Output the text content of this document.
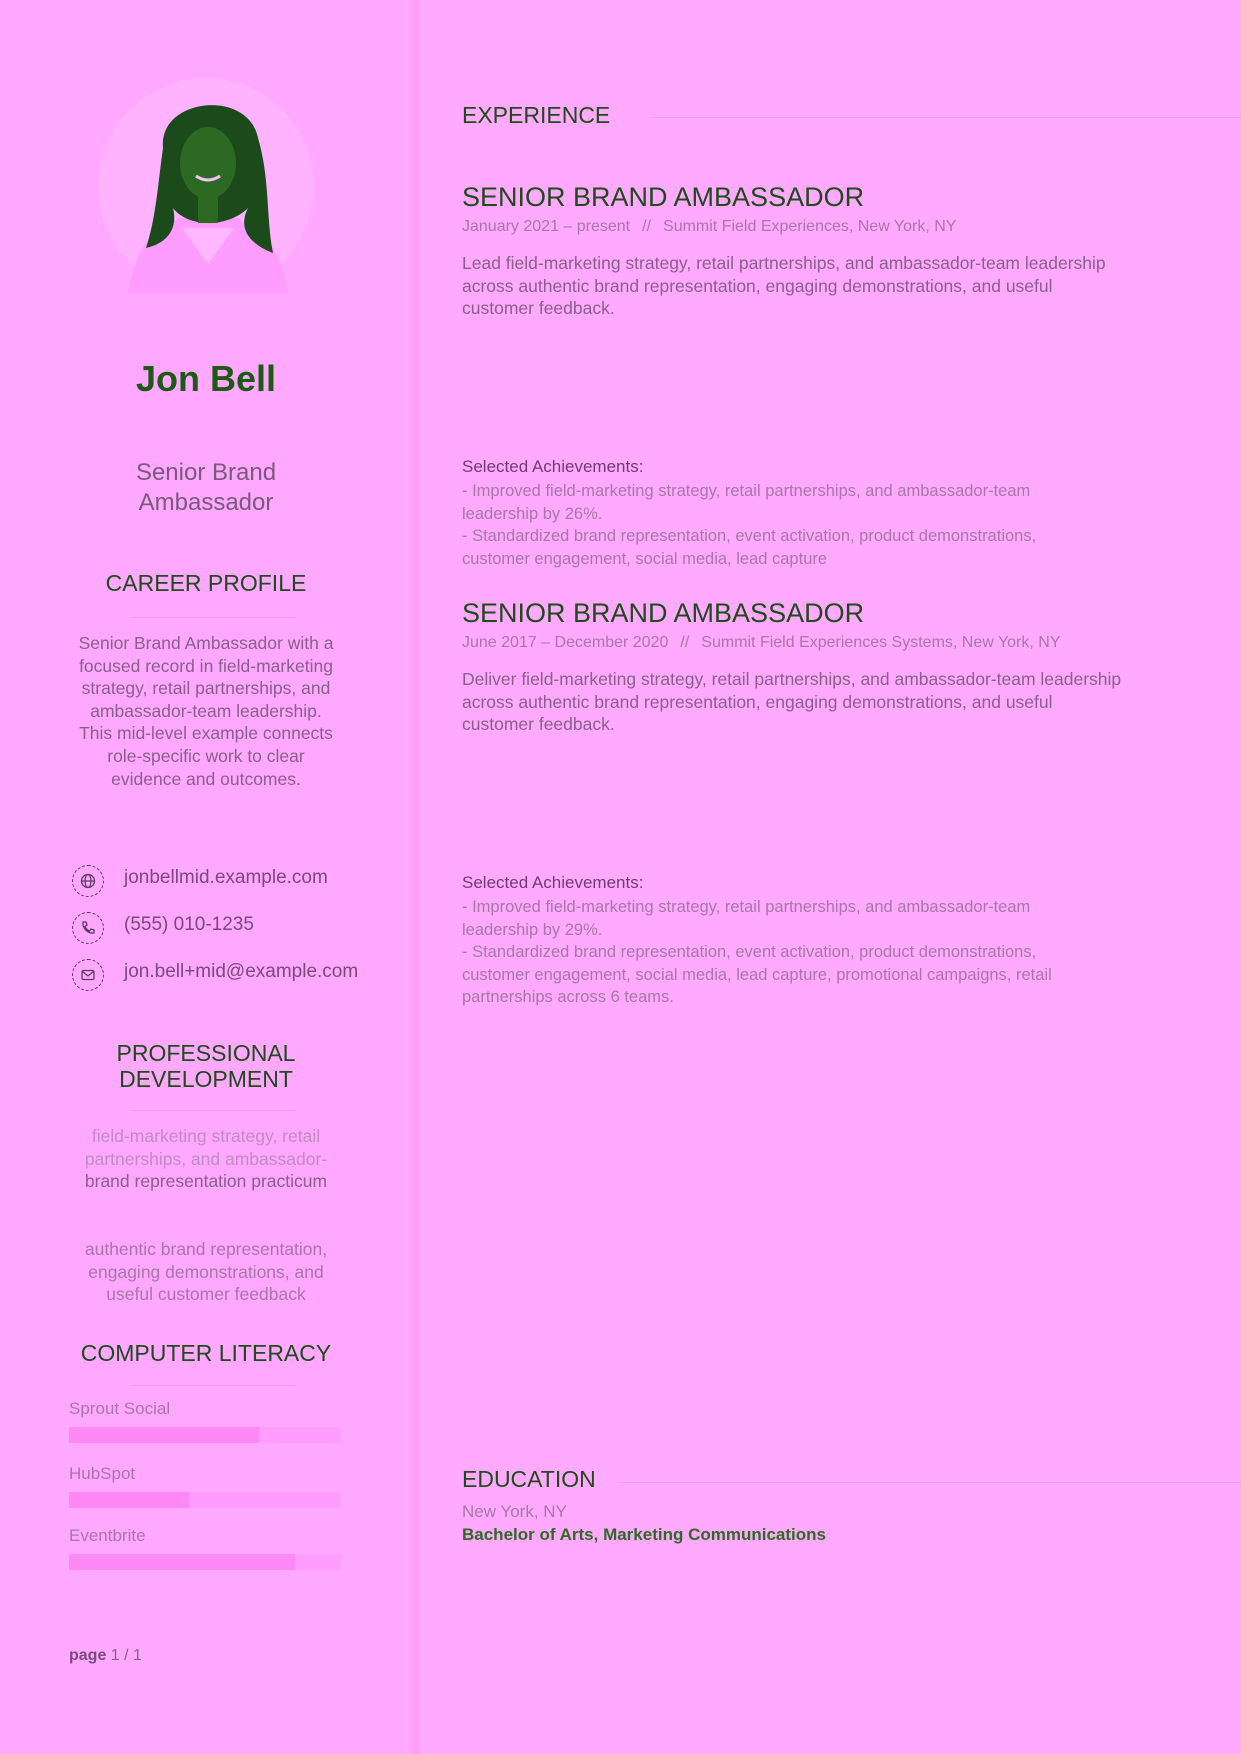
Jon Bell
Senior Brand Ambassador
CAREER PROFILE
Senior Brand Ambassador with a focused record in field-marketing strategy, retail partnerships, and ambassador-team leadership. This mid-level example connects role-specific work to clear evidence and outcomes.
jonbellmid.example.com
(555) 010-1235
jon.bell+mid@example.com
PROFESSIONAL DEVELOPMENT
field-marketing strategy, retail partnerships, and ambassador-
brand representation practicum
authentic brand representation, engaging demonstrations, and useful customer feedback
COMPUTER LITERACY
Sprout Social
HubSpot
Eventbrite
page 1 / 1
EXPERIENCE
SENIOR BRAND AMBASSADOR
January 2021 – present // Summit Field Experiences, New York, NY
Lead field-marketing strategy, retail partnerships, and ambassador-team leadership across authentic brand representation, engaging demonstrations, and useful customer feedback.
Selected Achievements:
- Improved field-marketing strategy, retail partnerships, and ambassador-team leadership by 26%.
- Standardized brand representation, event activation, product demonstrations, customer engagement, social media, lead capture
SENIOR BRAND AMBASSADOR
June 2017 – December 2020 // Summit Field Experiences Systems, New York, NY
Deliver field-marketing strategy, retail partnerships, and ambassador-team leadership across authentic brand representation, engaging demonstrations, and useful customer feedback.
Selected Achievements:
- Improved field-marketing strategy, retail partnerships, and ambassador-team leadership by 29%.
- Standardized brand representation, event activation, product demonstrations, customer engagement, social media, lead capture, promotional campaigns, retail partnerships across 6 teams.
EDUCATION
New York, NY
Bachelor of Arts, Marketing Communications
